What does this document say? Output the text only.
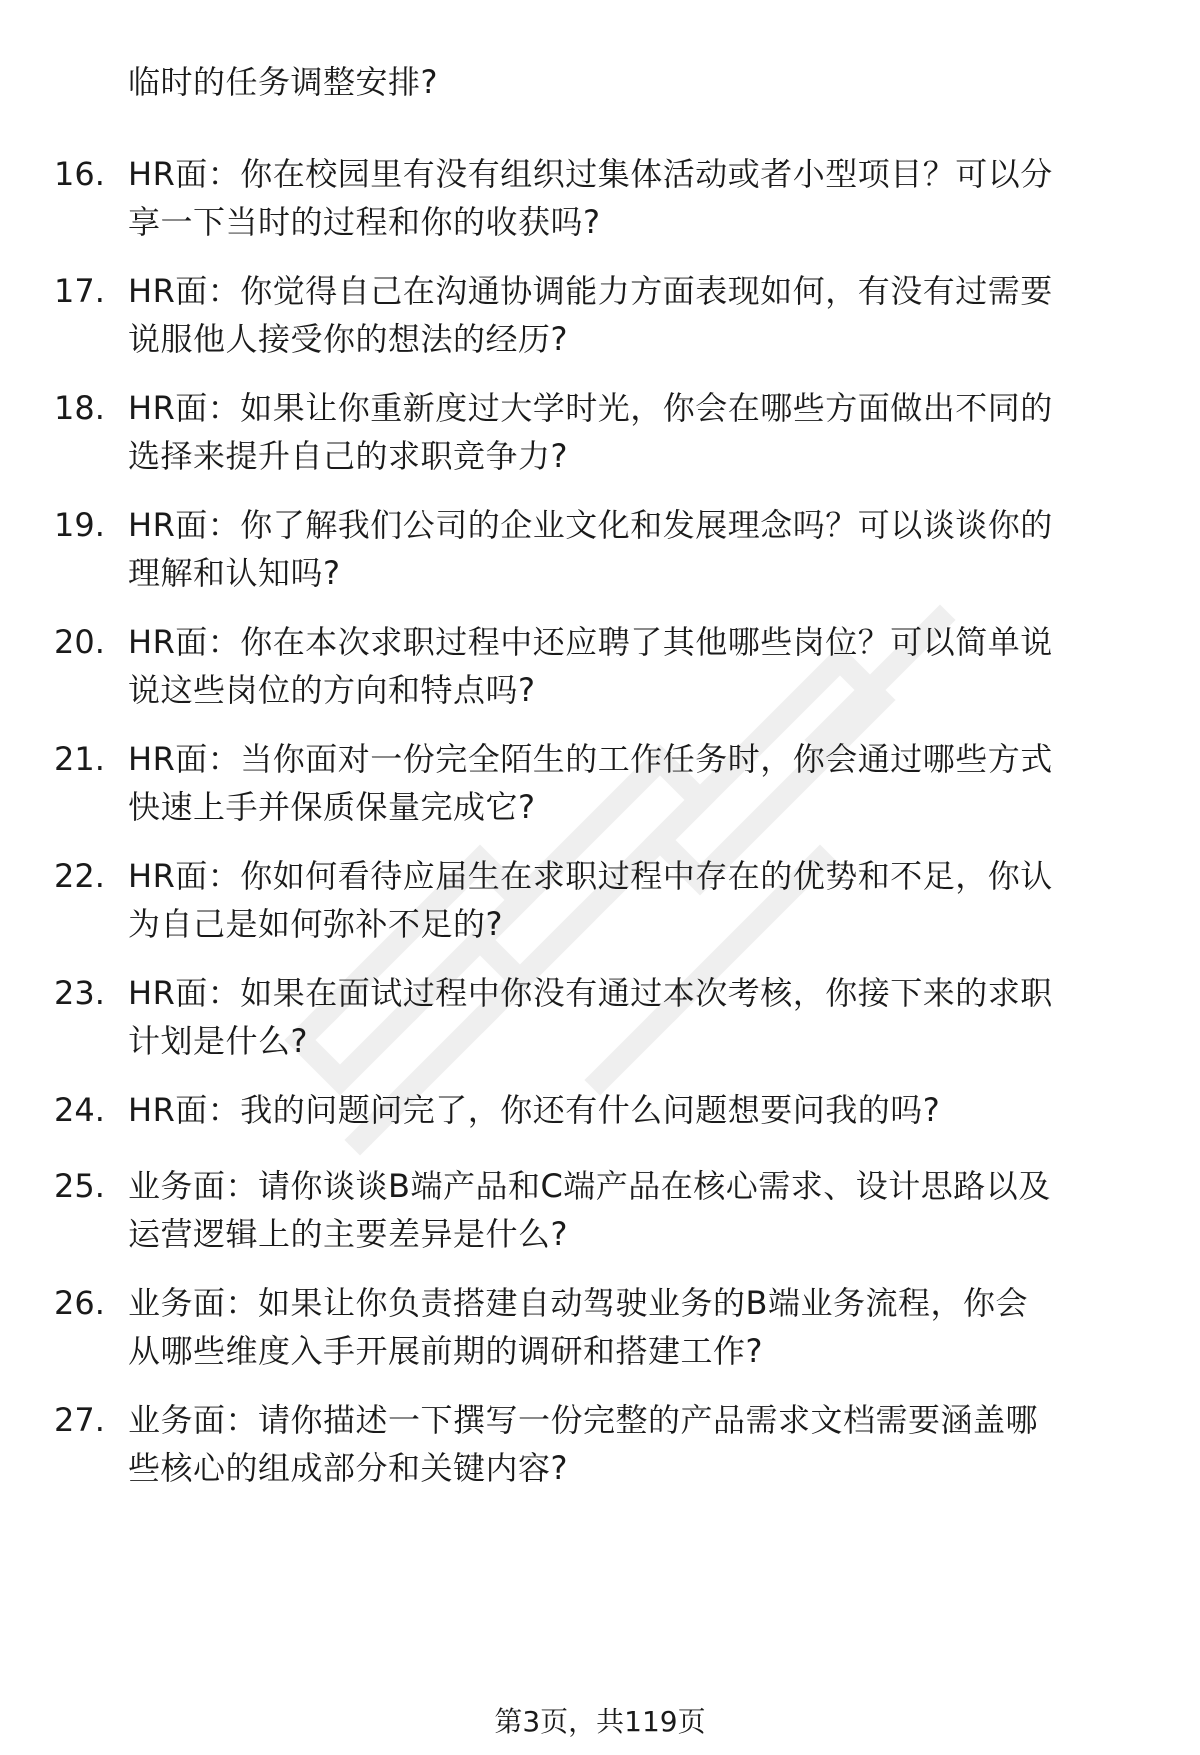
临时的任务调整安排?
16. HR面：你在校园里有没有组织过集体活动或者小型项目？可以分
享一下当时的过程和你的收获吗?
17. HR面：你觉得自己在沟通协调能力方面表现如何，有没有过需要
说服他人接受你的想法的经历?
18. HR面：如果让你重新度过大学时光，你会在哪些方面做出不同的
选择来提升自己的求职竞争力?
19. HR面：你了解我们公司的企业文化和发展理念吗？可以谈谈你的
理解和认知吗?
20. HR面：你在本次求职过程中还应聘了其他哪些岗位？可以简单说
说这些岗位的方向和特点吗?
21. HR面：当你面对一份完全陌生的工作任务时，你会通过哪些方式
快速上手并保质保量完成它?
22. HR面：你如何看待应届生在求职过程中存在的优势和不足，你认
为自己是如何弥补不足的?
23. HR面：如果在面试过程中你没有通过本次考核，你接下来的求职
计划是什么?
24. HR面：我的问题问完了，你还有什么问题想要问我的吗?
25. 业务面：请你谈谈B端产品和C端产品在核心需求、设计思路以及
运营逻辑上的主要差异是什么?
26. 业务面：如果让你负责搭建自动驾驶业务的B端业务流程，你会
从哪些维度入手开展前期的调研和搭建工作?
27. 业务面：请你描述一下撰写一份完整的产品需求文档需要涵盖哪
些核心的组成部分和关键内容?
第3页，共119页
